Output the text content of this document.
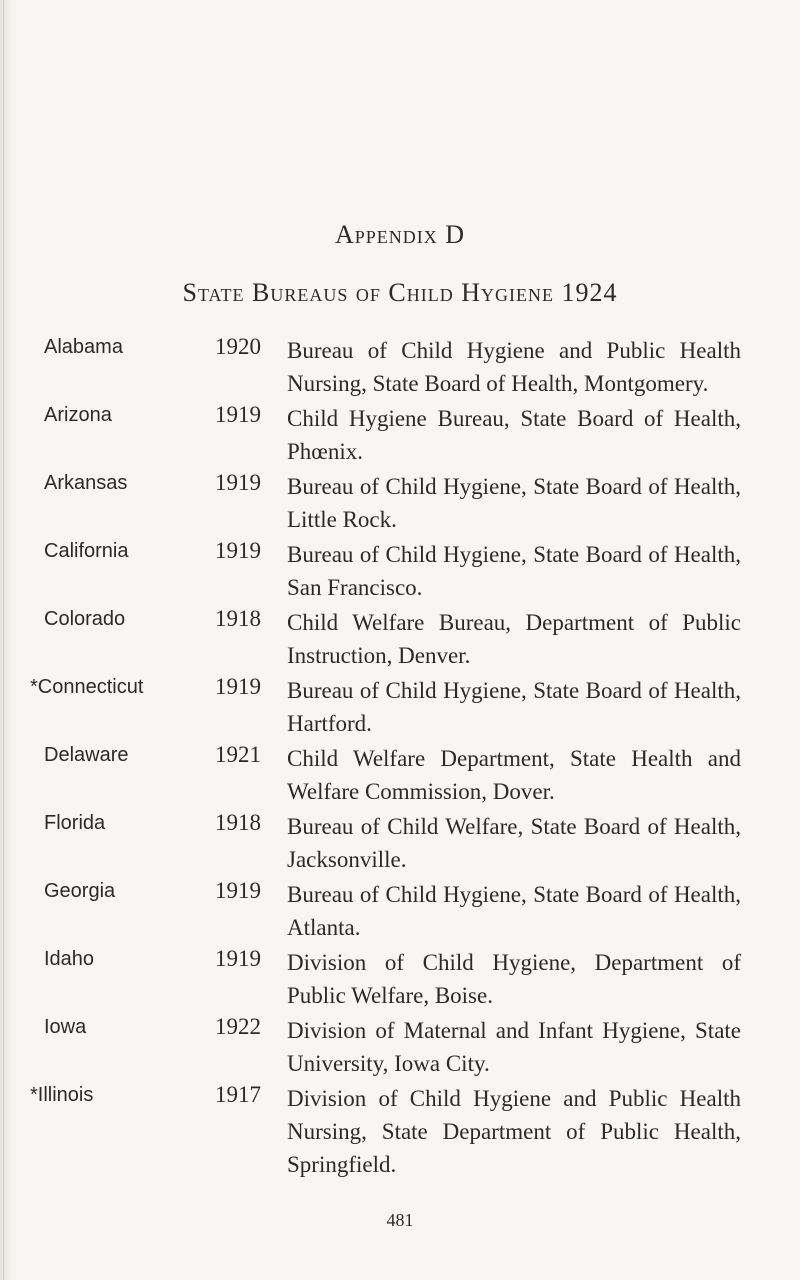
Appendix D
State Bureaus of Child Hygiene 1924
Alabama	1920 Bureau of Child Hygiene and Public Health Nursing, State Board of Health, Montgomery.
Arizona	1919 Child Hygiene Bureau, State Board of Health, Phœnix.
Arkansas	1919 Bureau of Child Hygiene, State Board of Health, Little Rock.
California	1919 Bureau of Child Hygiene, State Board of Health, San Francisco.
Colorado	1918 Child Welfare Bureau, Department of Public Instruction, Denver.
*Connecticut	1919 Bureau of Child Hygiene, State Board of Health, Hartford.
Delaware	1921 Child Welfare Department, State Health and Welfare Commission, Dover.
Florida	1918 Bureau of Child Welfare, State Board of Health, Jacksonville.
Georgia	1919 Bureau of Child Hygiene, State Board of Health, Atlanta.
Idaho	1919 Division of Child Hygiene, Department of Public Welfare, Boise.
Iowa	1922 Division of Maternal and Infant Hygiene, State University, Iowa City.
*Illinois	1917 Division of Child Hygiene and Public Health Nursing, State Department of Public Health, Springfield.
481
